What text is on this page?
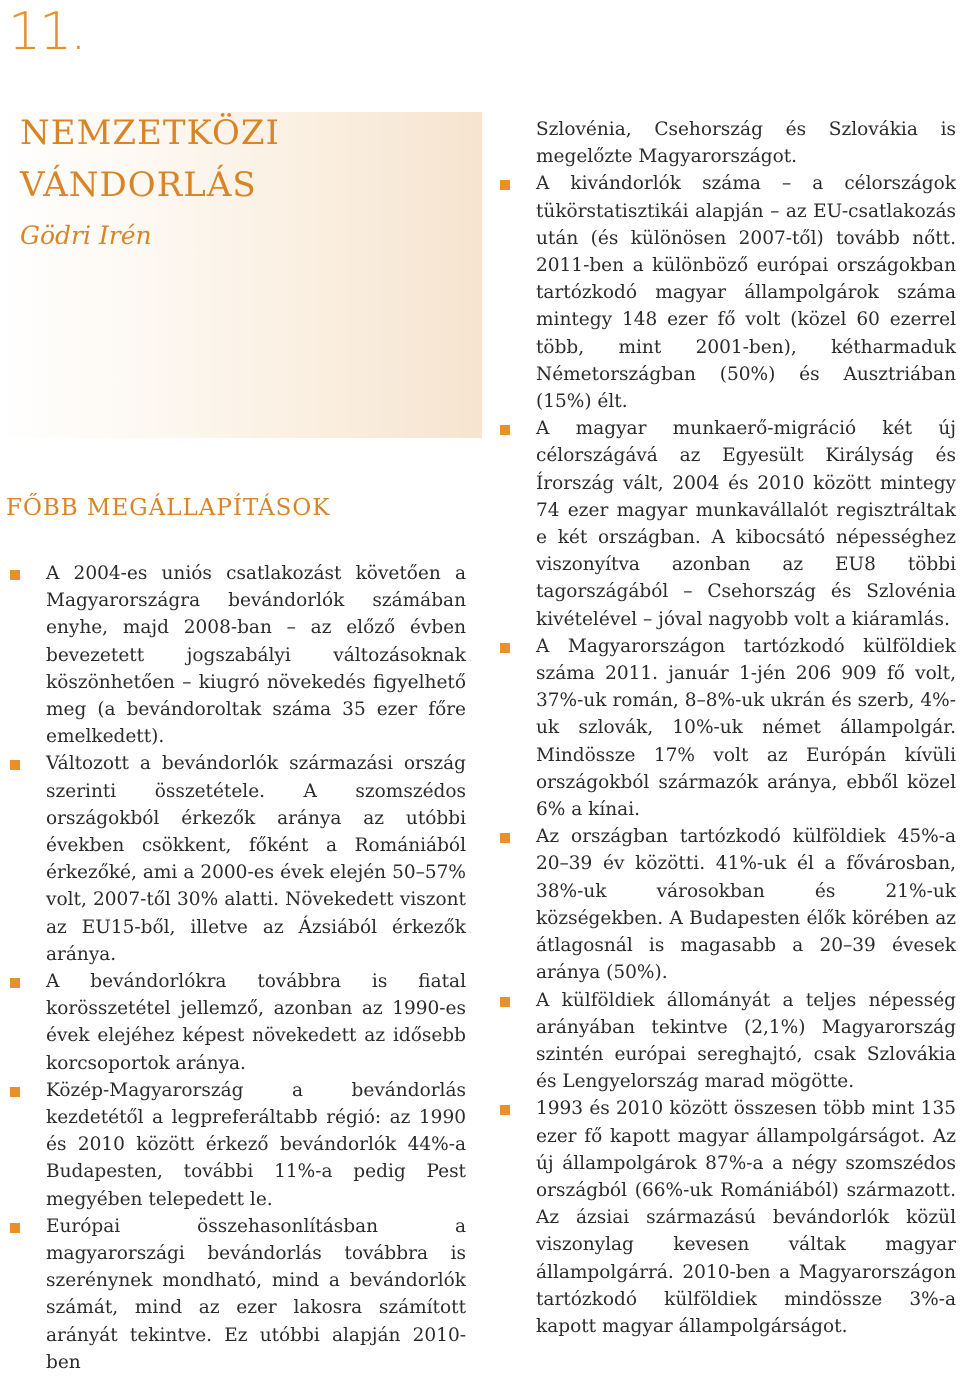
11.
NEMZETKÖZI
VÁNDORLÁS
Gödri Irén
FŐBB MEGÁLLAPÍTÁSOK
A 2004-es uniós csatlakozást követően a Magyarországra bevándorlók számában enyhe, majd 2008-ban – az előző évben bevezetett jogszabályi változásoknak köszönhetően – kiugró növekedés figyelhető meg (a bevándoroltak száma 35 ezer főre emelkedett).
Változott a bevándorlók származási ország szerinti összetétele. A szomszédos országokból érkezők aránya az utóbbi években csökkent, főként a Romániából érkezőké, ami a 2000-es évek elején 50–57% volt, 2007-től 30% alatti. Növekedett viszont az EU15-ből, illetve az Ázsiából érkezők aránya.
A bevándorlókra továbbra is fiatal korösszetétel jellemző, azonban az 1990-es évek elejéhez képest növekedett az idősebb korcsoportok aránya.
Közép-Magyarország a bevándorlás kezdetétől a legpreferáltabb régió: az 1990 és 2010 között érkező bevándorlók 44%-a Budapesten, további 11%-a pedig Pest megyében telepedett le.
Európai összehasonlításban a magyarországi bevándorlás továbbra is szerénynek mondható, mind a bevándorlók számát, mind az ezer lakosra számított arányát tekintve. Ez utóbbi alapján 2010-ben
Szlovénia, Csehország és Szlovákia is megelőzte Magyarországot.
A kivándorlók száma – a célországok tükörstatisztikái alapján – az EU-csatlakozás után (és különösen 2007-től) tovább nőtt. 2011-ben a különböző európai országokban tartózkodó magyar állampolgárok száma mintegy 148 ezer fő volt (közel 60 ezerrel több, mint 2001-ben), kétharmaduk Németországban (50%) és Ausztriában (15%) élt.
A magyar munkaerő-migráció két új célországává az Egyesült Királyság és Írország vált, 2004 és 2010 között mintegy 74 ezer magyar munkavállalót regisztráltak e két országban. A kibocsátó népességhez viszonyítva azonban az EU8 többi tagországából – Csehország és Szlovénia kivételével – jóval nagyobb volt a kiáramlás.
A Magyarországon tartózkodó külföldiek száma 2011. január 1-jén 206 909 fő volt, 37%-uk román, 8–8%-uk ukrán és szerb, 4%-uk szlovák, 10%-uk német állampolgár. Mindössze 17% volt az Európán kívüli országokból származók aránya, ebből közel 6% a kínai.
Az országban tartózkodó külföldiek 45%-a 20–39 év közötti. 41%-uk él a fővárosban, 38%-uk városokban és 21%-uk községekben. A Budapesten élők körében az átlagosnál is magasabb a 20–39 évesek aránya (50%).
A külföldiek állományát a teljes népesség arányában tekintve (2,1%) Magyarország szintén európai sereghajtó, csak Szlovákia és Lengyelország marad mögötte.
1993 és 2010 között összesen több mint 135 ezer fő kapott magyar állampolgárságot. Az új állampolgárok 87%-a a négy szomszédos országból (66%-uk Romániából) származott. Az ázsiai származású bevándorlók közül viszonylag kevesen váltak magyar állampolgárrá. 2010-ben a Magyarországon tartózkodó külföldiek mindössze 3%-a kapott magyar állampolgárságot.
